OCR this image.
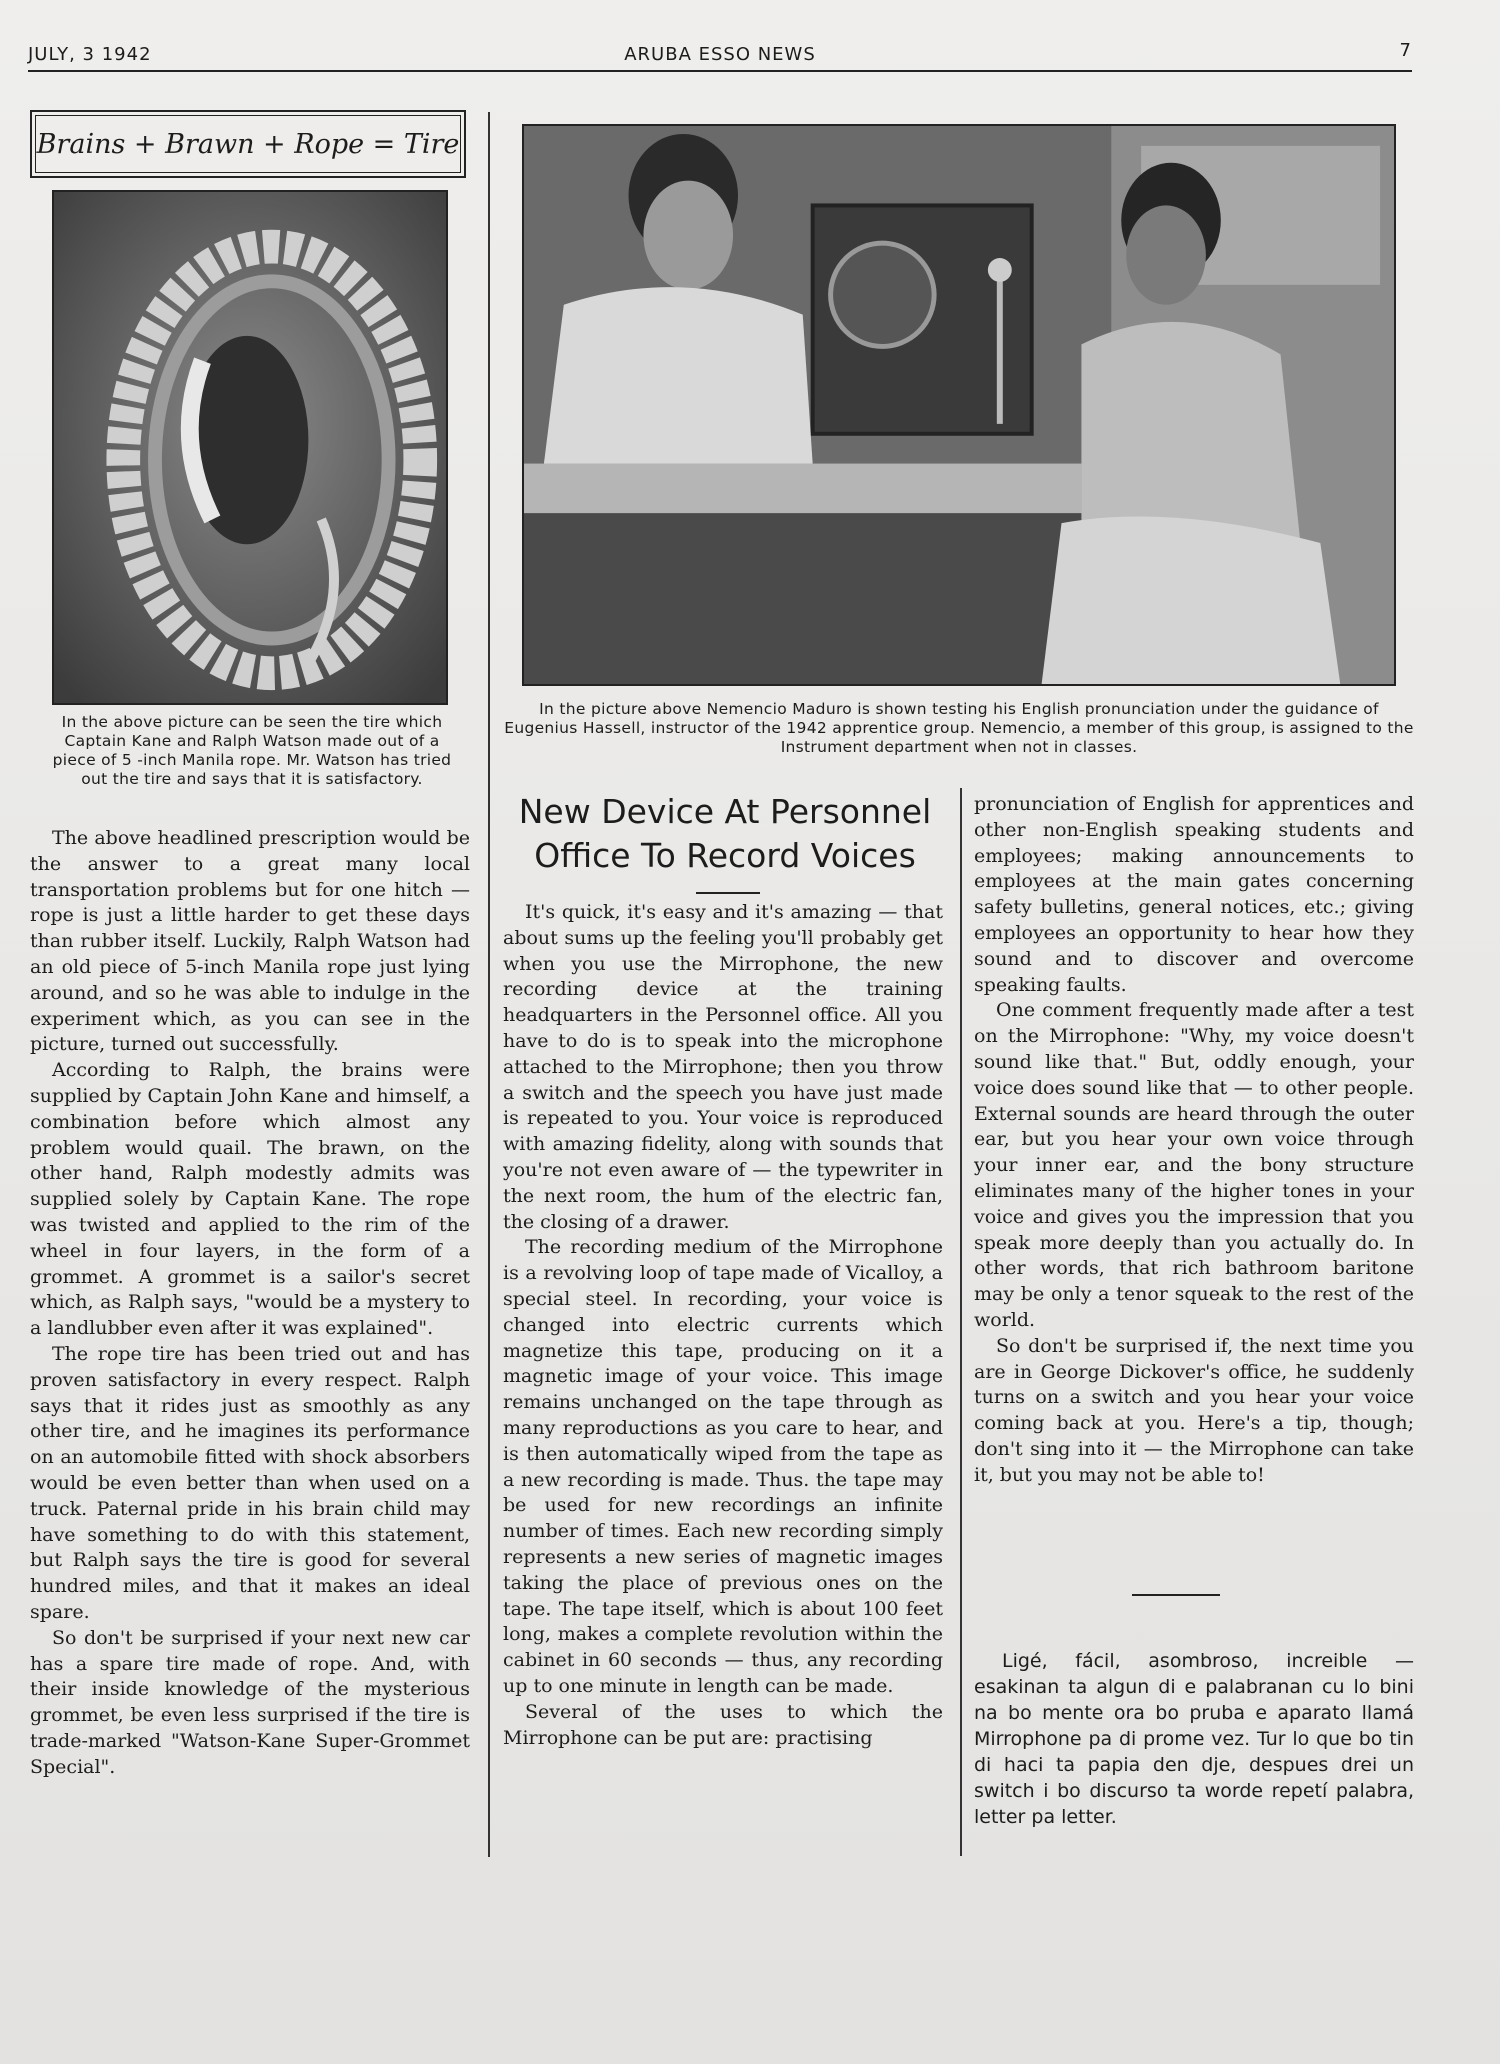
JULY, 3 1942	ARUBA ESSO NEWS	7
Brains + Brawn + Rope = Tire
In the above picture can be seen the tire which Captain Kane and Ralph Watson made out of a piece of 5 -inch Manila rope. Mr. Watson has tried out the tire and says that it is satisfactory.

The above headlined prescription would be the answer to a great many local transportation problems but for one hitch — rope is just a little harder to get these days than rubber itself. Luckily, Ralph Watson had an old piece of 5-inch Manila rope just lying around, and so he was able to indulge in the experiment which, as you can see in the picture, turned out successfully.

According to Ralph, the brains were supplied by Captain John Kane and himself, a combination before which almost any problem would quail. The brawn, on the other hand, Ralph modestly admits was supplied solely by Captain Kane. The rope was twisted and applied to the rim of the wheel in four layers, in the form of a grommet. A grommet is a sailor's secret which, as Ralph says, "would be a mystery to a landlubber even after it was explained".

The rope tire has been tried out and has proven satisfactory in every respect. Ralph says that it rides just as smoothly as any other tire, and he imagines its performance on an automobile fitted with shock absorbers would be even better than when used on a truck. Paternal pride in his brain child may have something to do with this statement, but Ralph says the tire is good for several hundred miles, and that it makes an ideal spare.

So don't be surprised if your next new car has a spare tire made of rope. And, with their inside knowledge of the mysterious grommet, be even less surprised if the tire is trade-marked "Watson-Kane Super-Grommet Special".

In the picture above Nemencio Maduro is shown testing his English pronunciation under the guidance of Eugenius Hassell, instructor of the 1942 apprentice group. Nemencio, a member of this group, is assigned to the Instrument department when not in classes.
New Device At Personnel Office To Record Voices

It's quick, it's easy and it's amazing — that about sums up the feeling you'll probably get when you use the Mirrophone, the new recording device at the training headquarters in the Personnel office. All you have to do is to speak into the microphone attached to the Mirrophone; then you throw a switch and the speech you have just made is repeated to you. Your voice is reproduced with amazing fidelity, along with sounds that you're not even aware of — the typewriter in the next room, the hum of the electric fan, the closing of a drawer.

The recording medium of the Mirrophone is a revolving loop of tape made of Vicalloy, a special steel. In recording, your voice is changed into electric currents which magnetize this tape, producing on it a magnetic image of your voice. This image remains unchanged on the tape through as many reproductions as you care to hear, and is then automatically wiped from the tape as a new recording is made. Thus. the tape may be used for new recordings an infinite number of times. Each new recording simply represents a new series of magnetic images taking the place of previous ones on the tape. The tape itself, which is about 100 feet long, makes a complete revolution within the cabinet in 60 seconds — thus, any recording up to one minute in length can be made.

Several of the uses to which the Mirrophone can be put are: practising

pronunciation of English for apprentices and other non-English speaking students and employees; making announcements to employees at the main gates concerning safety bulletins, general notices, etc.; giving employees an opportunity to hear how they sound and to discover and overcome speaking faults.

One comment frequently made after a test on the Mirrophone: "Why, my voice doesn't sound like that." But, oddly enough, your voice does sound like that — to other people. External sounds are heard through the outer ear, but you hear your own voice through your inner ear, and the bony structure eliminates many of the higher tones in your voice and gives you the impression that you speak more deeply than you actually do. In other words, that rich bathroom baritone may be only a tenor squeak to the rest of the world.

So don't be surprised if, the next time you are in George Dickover's office, he suddenly turns on a switch and you hear your voice coming back at you. Here's a tip, though; don't sing into it — the Mirrophone can take it, but you may not be able to!

Ligé, fácil, asombroso, increible — esakinan ta algun di e palabranan cu lo bini na bo mente ora bo pruba e aparato llamá Mirrophone pa di prome vez. Tur lo que bo tin di haci ta papia den dje, despues drei un switch i bo discurso ta worde repetí palabra, letter pa letter.
